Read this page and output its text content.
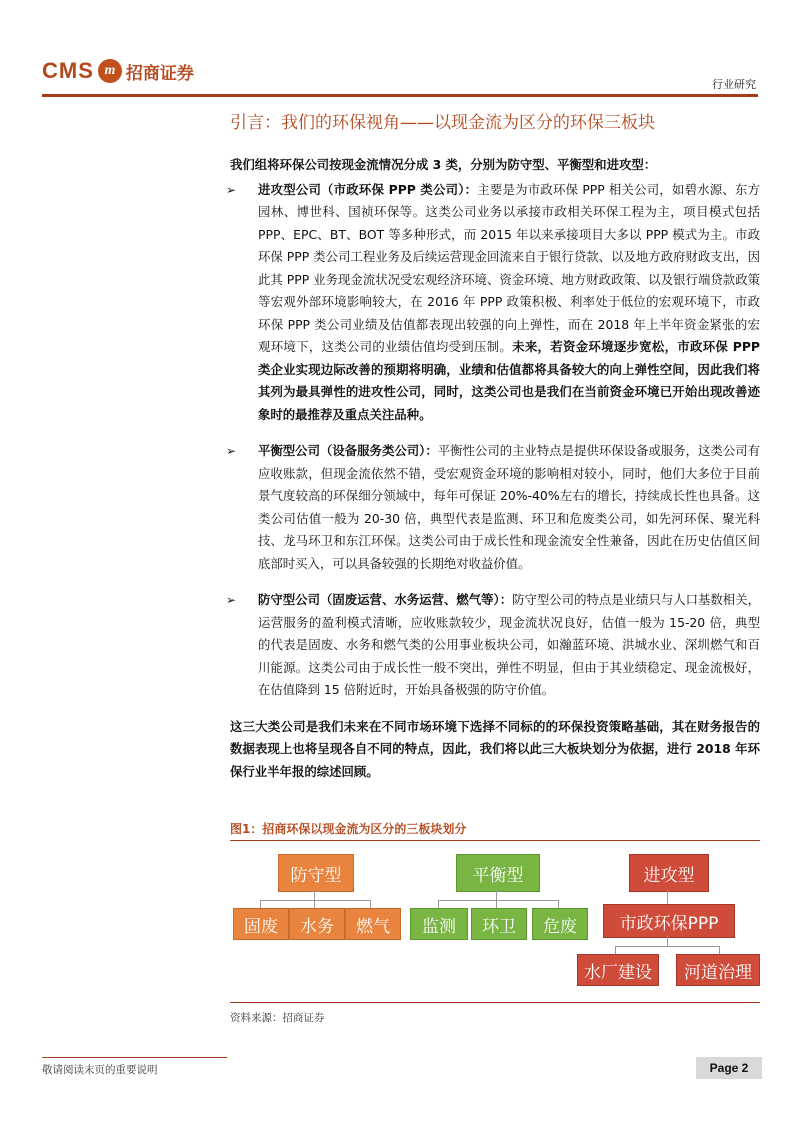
CMS m 招商证券
行业研究
引言：我们的环保视角——以现金流为区分的环保三板块
我们组将环保公司按现金流情况分成 3 类，分别为防守型、平衡型和进攻型：
➢ 进攻型公司（市政环保 PPP 类公司）：主要是为市政环保 PPP 相关公司，如碧水源、东方园林、博世科、国祯环保等。这类公司业务以承接市政相关环保工程为主，项目模式包括 PPP、EPC、BT、BOT 等多种形式，而 2015 年以来承接项目大多以 PPP 模式为主。市政环保 PPP 类公司工程业务及后续运营现金回流来自于银行贷款、以及地方政府财政支出，因此其 PPP 业务现金流状况受宏观经济环境、资金环境、地方财政政策、以及银行端贷款政策等宏观外部环境影响较大，在 2016 年 PPP 政策积极、利率处于低位的宏观环境下，市政环保 PPP 类公司业绩及估值都表现出较强的向上弹性，而在 2018 年上半年资金紧张的宏观环境下，这类公司的业绩估值均受到压制。未来，若资金环境逐步宽松，市政环保 PPP 类企业实现边际改善的预期将明确，业绩和估值都将具备较大的向上弹性空间，因此我们将其列为最具弹性的进攻性公司，同时，这类公司也是我们在当前资金环境已开始出现改善迹象时的最推荐及重点关注品种。
➢ 平衡型公司（设备服务类公司）：平衡性公司的主业特点是提供环保设备或服务，这类公司有应收账款，但现金流依然不错，受宏观资金环境的影响相对较小，同时，他们大多位于目前景气度较高的环保细分领域中，每年可保证 20%-40%左右的增长，持续成长性也具备。这类公司估值一般为 20-30 倍，典型代表是监测、环卫和危废类公司，如先河环保、聚光科技、龙马环卫和东江环保。这类公司由于成长性和现金流安全性兼备，因此在历史估值区间底部时买入，可以具备较强的长期绝对收益价值。
➢ 防守型公司（固废运营、水务运营、燃气等）：防守型公司的特点是业绩只与人口基数相关，运营服务的盈利模式清晰，应收账款较少，现金流状况良好，估值一般为 15-20 倍，典型的代表是固废、水务和燃气类的公用事业板块公司，如瀚蓝环境、洪城水业、深圳燃气和百川能源。这类公司由于成长性一般不突出，弹性不明显，但由于其业绩稳定、现金流极好，在估值降到 15 倍附近时，开始具备极强的防守价值。
这三大类公司是我们未来在不同市场环境下选择不同标的的环保投资策略基础，其在财务报告的数据表现上也将呈现各自不同的特点，因此，我们将以此三大板块划分为依据，进行 2018 年环保行业半年报的综述回顾。
图1：招商环保以现金流为区分的三板块划分
防守型
固废	水务	燃气
平衡型
监测	环卫	危废
进攻型
市政环保PPP
水厂建设	河道治理
资料来源：招商证券
敬请阅读末页的重要说明	Page 2
